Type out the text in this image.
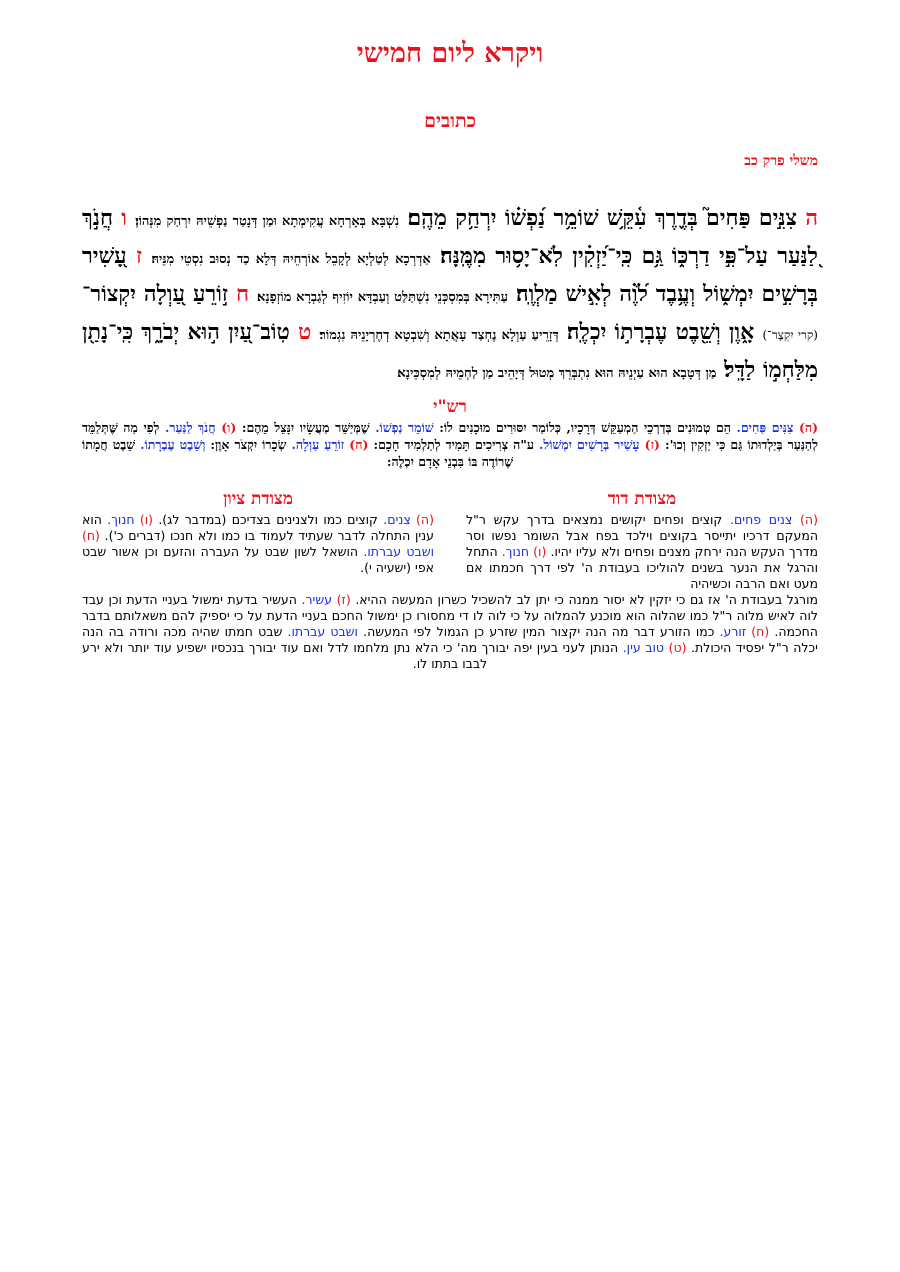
ויקרא ליום חמישי
כתובים
משלי פרק כב
ה צִנִּ֣ים פַּחִים֮ בְּדֶ֪רֶךְ עִ֫קֵּ֥שׁ שׁוֹמֵ֥ר נַ֝פְשׁ֗וֹ יִרְחַ֥ק מֵהֶֽם׃ נִשְׁבָּא בְּאָרְחָא עֲקִימְתָא וּמַן דְּנָטַר נַפְשֵׁיהּ יִרְחַק מִנְּהוֹן׃ ו חֲנֹ֣ךְ לַ֭נַּעַר עַל־פִּ֣י דַרְכּ֑וֹ גַּ֥ם כִּֽי־יַ֝זְקִ֗ין לֹֽא־יָס֥וּר מִמֶּֽנָּה׃ אַדְרְכָא לְטַלְיָא לְקָבֵל אוֹרְחֵיהּ דְּלָא כַד נְסוּב נִסְטֵי מִנֵּיהּ׃ ז עָ֭שִׁיר בְּרָשִׁ֣ים יִמְשׁ֑וֹל וְעֶ֥בֶד לֹ֝וֶ֗ה לְאִ֣ישׁ מַלְוֶֽה׃ עַתִּירָא בְּמִסְכְּנֵי נִשְׁתַּלַּט וְעַבְדָּא יוֹזִיף לְגַבְרָא מוֹזְפָנָא׃ ח ז֣וֹרֵעַ עַ֭וְלָה יִקְצוֹר־ (קרי יִקְצָר־) אָ֑וֶן וְשֵׁ֖בֶט עֶבְרָת֣וֹ יִכְלֶֽה׃ דְּזָרֵיעַ עַוְלָא נֶחְצַד עָאֲתָא וְשִׁבְטָא דְחֶרְיָנֵיהּ נִגְמוֹר׃ ט טֽוֹב־עַ֭יִן ה֣וּא יְבֹרָ֑ךְ כִּֽי־נָתַ֖ן מִלַּחְמ֣וֹ לַדָּֽל׃ מַן דְּטָבָא הוּא עַיְנֵיהּ הוּא נִתְבְּרֵךְ מְטוּל דְּיָהֵיב מַן לַחְמֵיהּ לְמִסְכֵּינָא׃
רש"י
(ה) צִנִּים פַּחִים. הֵם טְמוּנִים בְּדַרְכֵי הַמְעַקֵּשׁ דְּרָכָיו, כְּלוֹמַר יִסּוּרִים מוּכָנִים לוֹ: שׁוֹמֵר נַפְשׁוֹ. שֶׁמְּיַשֵּׁר מַעֲשָׂיו יִנָּצֵל מֵהֶם: (ו) חֲנֹךְ לַנַּעַר. לְפִי מַה שֶּׁתְּלַמֵּד לְהַנַּעַר בְּיַלְדוּתוֹ גַּם כִּי יַזְקִין וְכוּ': (ז) עָשִׁיר בְּרָשִׁים יִמְשׁוֹל. ע"ה צְרִיכִים תָּמִיד לְתַלְמִיד חָכָם: (ח) זוֹרֵעַ עַוְלָה. שְׂכָרוֹ יִקְצֹר אָוֶן: וְשֵׁבֶט עֶבְרָתוֹ. שֵׁבֶט חֲמָתוֹ שֶׁרוֹדֶה בּוֹ בִּבְנֵי אָדָם יִכְלֶה:
מצודת דוד
(ה) צנים פחים. קוצים ופחים יקושים נמצאים בדרך עקש ר"ל המעקם דרכיו יתייסר בקוצים וילכד בפח אבל השומר נפשו וסר מדרך העקש הנה ירחק מצנים ופחים ולא עליו יהיו. (ו) חנוך. התחל והרגל את הנער בשנים להוליכו בעבודת ה' לפי דרך חכמתו אם מעט ואם הרבה וכשיהיה
מצודת ציון
(ה) צנים. קוצים כמו ולצנינים בצדיכם (במדבר לג). (ו) חנוך. הוא ענין התחלה לדבר שעתיד לעמוד בו כמו ולא חנכו (דברים כ'). (ח) ושבט עברתו. הושאל לשון שבט על העברה והזעם וכן אשור שבט אפי (ישעיה י).
מורגל בעבודת ה' אז גם כי יזקין לא יסור ממנה כי יתן לב להשכיל כשרון המעשה ההיא. (ז) עשיר. העשיר בדעת ימשול בעניי הדעת וכן עבד לוה לאיש מלוה ר"ל כמו שהלוה הוא מוכנע להמלוה על כי לוה לו די מחסורו כן ימשול החכם בעניי הדעת על כי יספיק להם משאלותם בדבר החכמה. (ח) זורע. כמו הזורע דבר מה הנה יקצור המין שזרע כן הגמול לפי המעשה. ושבט עברתו. שבט חמתו שהיה מכה ורודה בה הנה יכלה ר"ל יפסיד היכולת. (ט) טוב עין. הנותן לעני בעין יפה יבורך מה' כי הלא נתן מלחמו לדל ואם עוד יבורך בנכסיו ישפיע עוד יותר ולא ירע לבבו בתתו לו.
